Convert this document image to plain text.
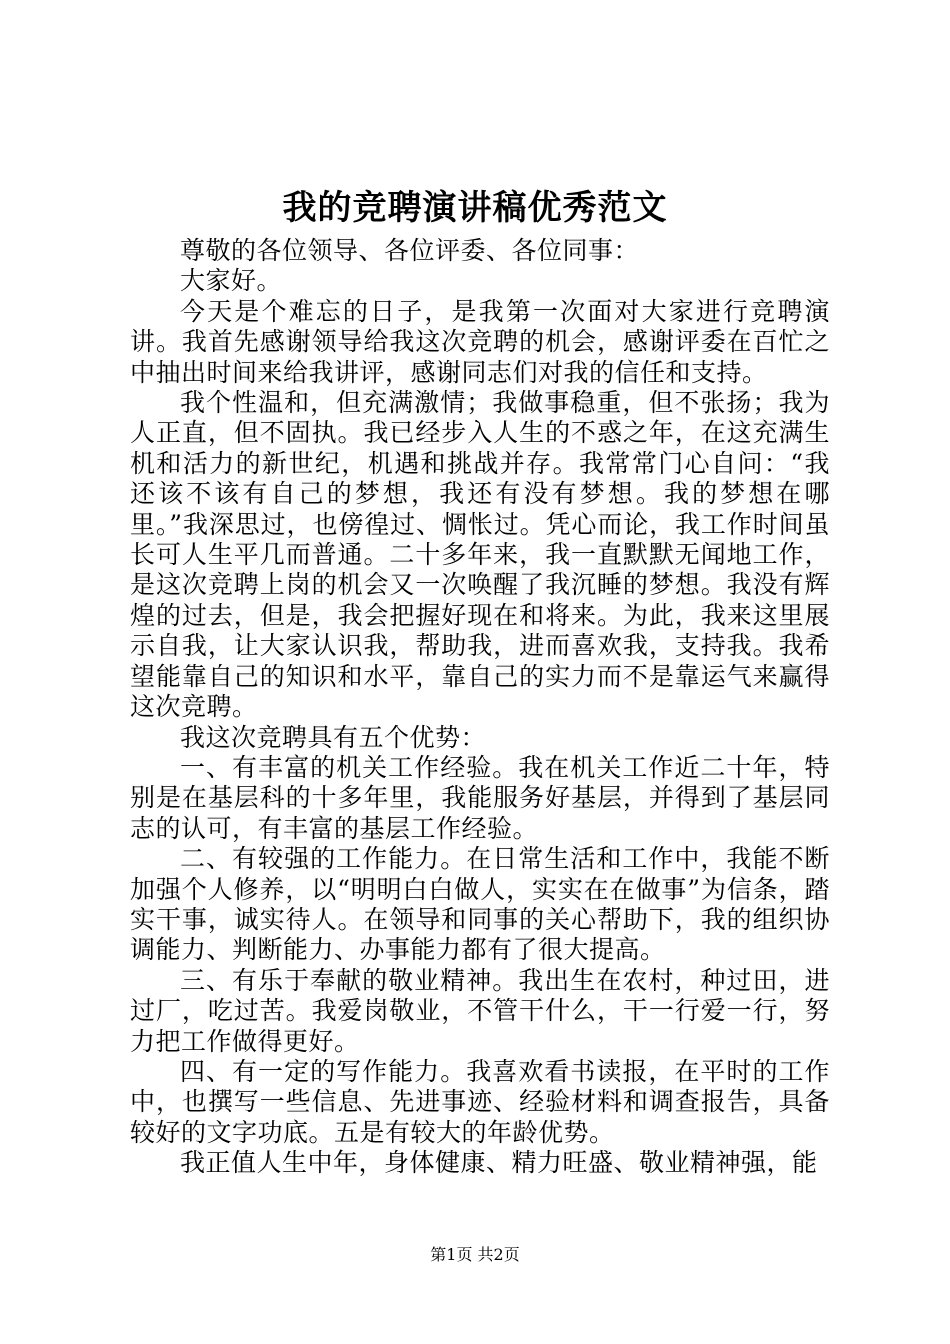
我的竞聘演讲稿优秀范文

尊敬的各位领导、各位评委、各位同事：

大家好。

今天是个难忘的日子，是我第一次面对大家进行竞聘演讲。我首先感谢领导给我这次竞聘的机会，感谢评委在百忙之中抽出时间来给我讲评，感谢同志们对我的信任和支持。

我个性温和，但充满激情；我做事稳重，但不张扬；我为人正直，但不固执。我已经步入人生的不惑之年，在这充满生机和活力的新世纪，机遇和挑战并存。我常常门心自问：“我还该不该有自己的梦想，我还有没有梦想。我的梦想在哪里。”我深思过，也傍徨过、惆怅过。凭心而论，我工作时间虽长可人生平几而普通。二十多年来，我一直默默无闻地工作，是这次竞聘上岗的机会又一次唤醒了我沉睡的梦想。我没有辉煌的过去，但是，我会把握好现在和将来。为此，我来这里展示自我，让大家认识我，帮助我，进而喜欢我，支持我。我希望能靠自己的知识和水平，靠自己的实力而不是靠运气来赢得这次竞聘。

我这次竞聘具有五个优势：

一、有丰富的机关工作经验。我在机关工作近二十年，特别是在基层科的十多年里，我能服务好基层，并得到了基层同志的认可，有丰富的基层工作经验。

二、有较强的工作能力。在日常生活和工作中，我能不断加强个人修养，以“明明白白做人，实实在在做事”为信条，踏实干事，诚实待人。在领导和同事的关心帮助下，我的组织协调能力、判断能力、办事能力都有了很大提高。

三、有乐于奉献的敬业精神。我出生在农村，种过田，进过厂，吃过苦。我爱岗敬业，不管干什么，干一行爱一行，努力把工作做得更好。

四、有一定的写作能力。我喜欢看书读报，在平时的工作中，也撰写一些信息、先进事迹、经验材料和调查报告，具备较好的文字功底。五是有较大的年龄优势。

我正值人生中年，身体健康、精力旺盛、敬业精神强，能

第1页 共2页
